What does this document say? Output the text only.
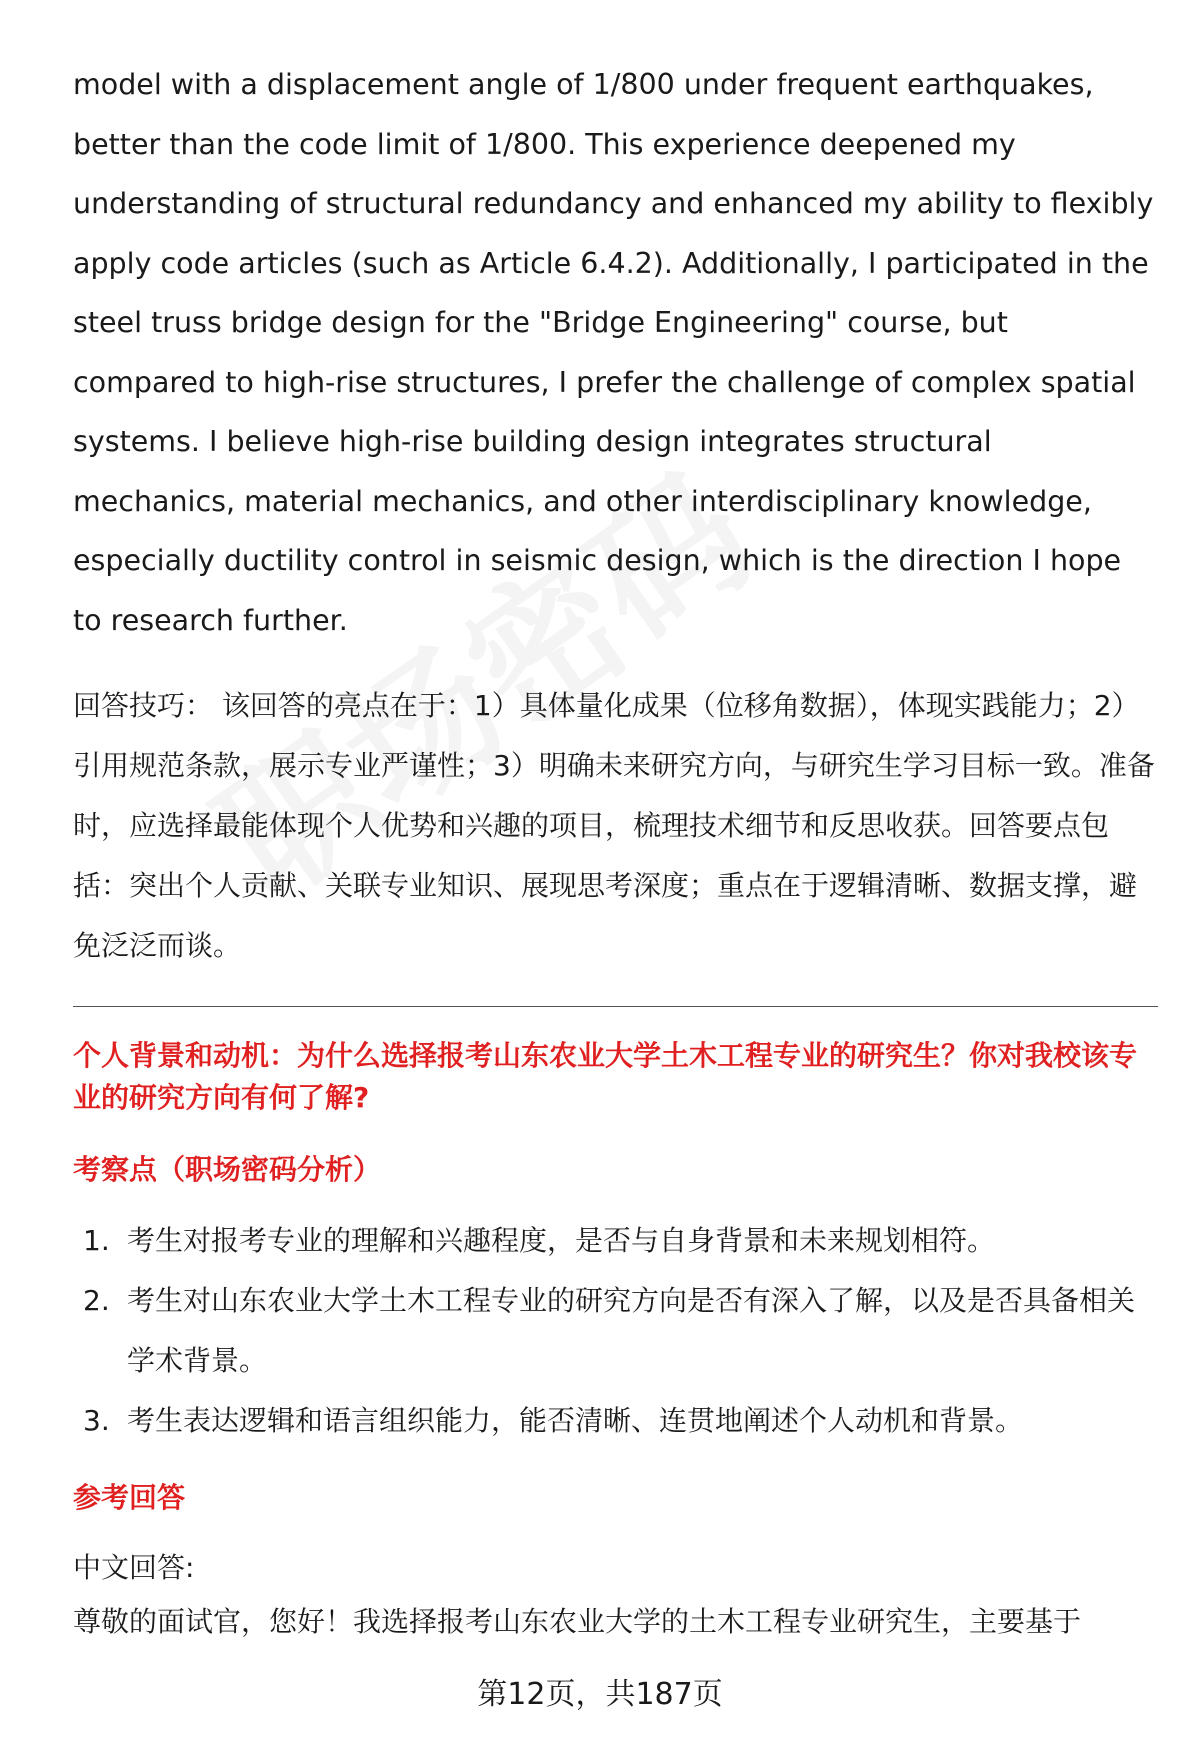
model with a displacement angle of 1/800 under frequent earthquakes, better than the code limit of 1/800. This experience deepened my understanding of structural redundancy and enhanced my ability to flexibly apply code articles (such as Article 6.4.2). Additionally, I participated in the steel truss bridge design for the "Bridge Engineering" course, but compared to high-rise structures, I prefer the challenge of complex spatial systems. I believe high-rise building design integrates structural mechanics, material mechanics, and other interdisciplinary knowledge, especially ductility control in seismic design, which is the direction I hope to research further.

回答技巧： 该回答的亮点在于：1）具体量化成果（位移角数据），体现实践能力；2）引用规范条款，展示专业严谨性；3）明确未来研究方向，与研究生学习目标一致。准备时，应选择最能体现个人优势和兴趣的项目，梳理技术细节和反思收获。回答要点包括：突出个人贡献、关联专业知识、展现思考深度；重点在于逻辑清晰、数据支撑，避免泛泛而谈。

个人背景和动机：为什么选择报考山东农业大学土木工程专业的研究生？你对我校该专业的研究方向有何了解?
考察点（职场密码分析）
1. 考生对报考专业的理解和兴趣程度，是否与自身背景和未来规划相符。
2. 考生对山东农业大学土木工程专业的研究方向是否有深入了解，以及是否具备相关学术背景。
3. 考生表达逻辑和语言组织能力，能否清晰、连贯地阐述个人动机和背景。
参考回答
中文回答:
尊敬的面试官，您好！我选择报考山东农业大学的土木工程专业研究生，主要基于
第12页，共187页
